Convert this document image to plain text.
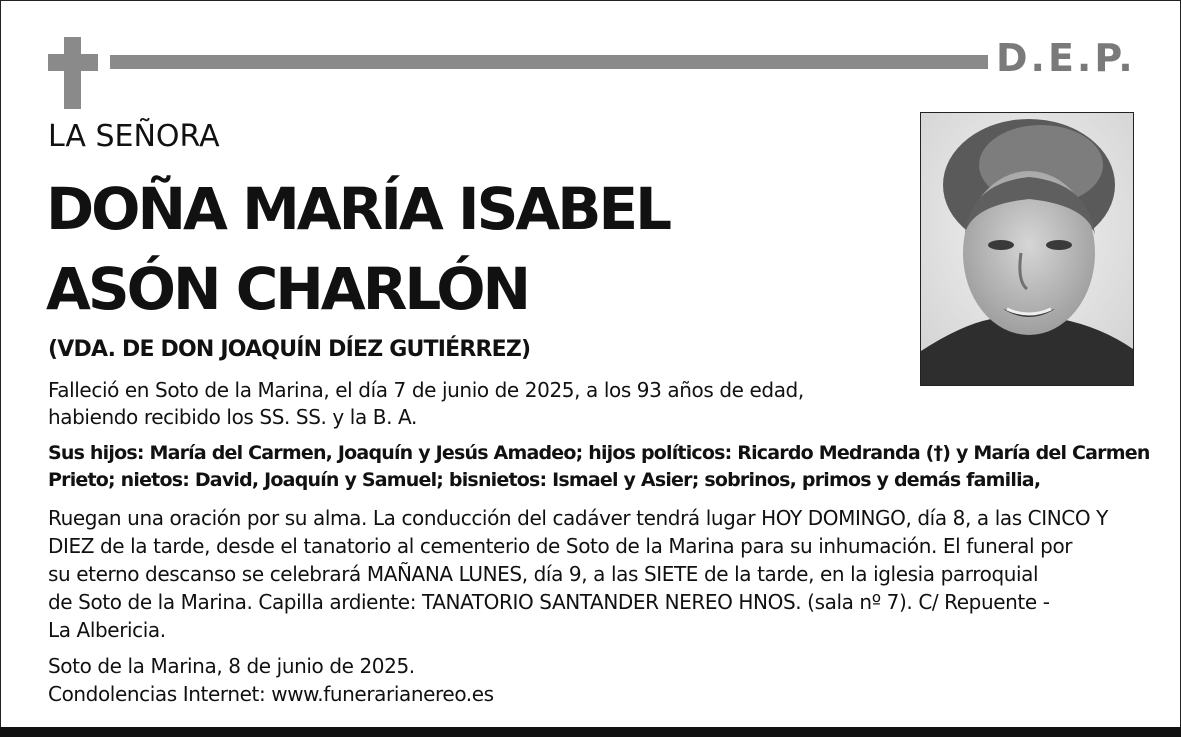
D.E.P.
LA SEÑORA
DOÑA MARÍA ISABEL
ASÓN CHARLÓN
(VDA. DE DON JOAQUÍN DÍEZ GUTIÉRREZ)
Falleció en Soto de la Marina, el día 7 de junio de 2025, a los 93 años de edad,
habiendo recibido los SS. SS. y la B. A.
Sus hijos: María del Carmen, Joaquín y Jesús Amadeo; hijos políticos: Ricardo Medranda (†) y María del Carmen
Prieto; nietos: David, Joaquín y Samuel; bisnietos: Ismael y Asier; sobrinos, primos y demás familia,
Ruegan una oración por su alma. La conducción del cadáver tendrá lugar HOY DOMINGO, día 8, a las CINCO Y
DIEZ de la tarde, desde el tanatorio al cementerio de Soto de la Marina para su inhumación. El funeral por
su eterno descanso se celebrará MAÑANA LUNES, día 9, a las SIETE de la tarde, en la iglesia parroquial
de Soto de la Marina. Capilla ardiente: TANATORIO SANTANDER NEREO HNOS. (sala nº 7). C/ Repuente -
La Albericia.
Soto de la Marina, 8 de junio de 2025.
Condolencias Internet: www.funerarianereo.es
